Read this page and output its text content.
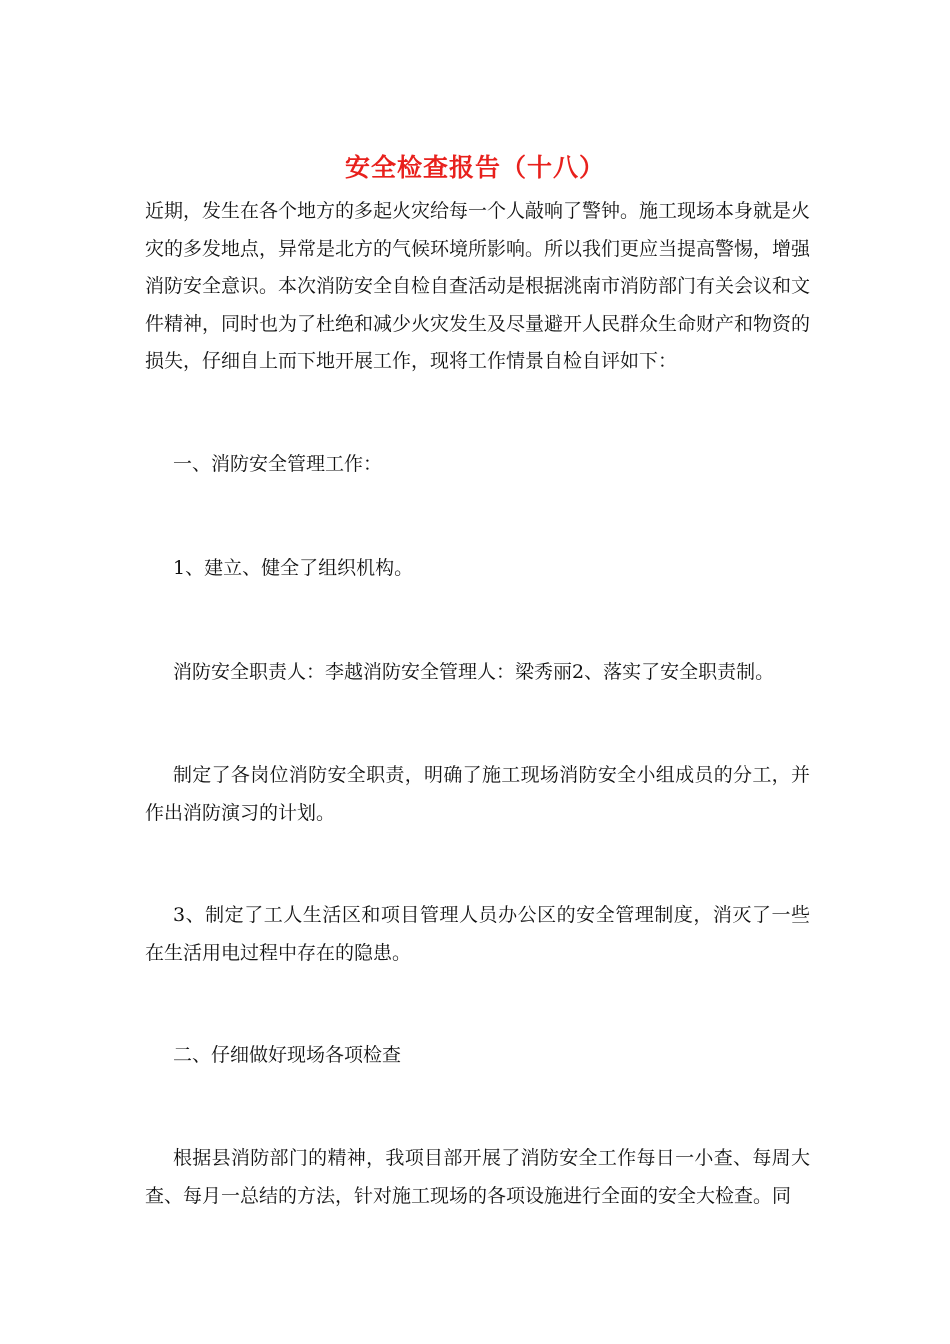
安全检查报告（十八）

近期，发生在各个地方的多起火灾给每一个人敲响了警钟。施工现场本身就是火灾的多发地点，异常是北方的气候环境所影响。所以我们更应当提高警惕，增强消防安全意识。本次消防安全自检自查活动是根据洮南市消防部门有关会议和文件精神，同时也为了杜绝和减少火灾发生及尽量避开人民群众生命财产和物资的损失，仔细自上而下地开展工作，现将工作情景自检自评如下：

一、消防安全管理工作：

1、建立、健全了组织机构。

消防安全职责人：李越消防安全管理人：梁秀丽2、落实了安全职责制。

制定了各岗位消防安全职责，明确了施工现场消防安全小组成员的分工，并作出消防演习的计划。

3、制定了工人生活区和项目管理人员办公区的安全管理制度，消灭了一些在生活用电过程中存在的隐患。

二、仔细做好现场各项检查

根据县消防部门的精神，我项目部开展了消防安全工作每日一小查、每周大查、每月一总结的方法，针对施工现场的各项设施进行全面的安全大检查。同
